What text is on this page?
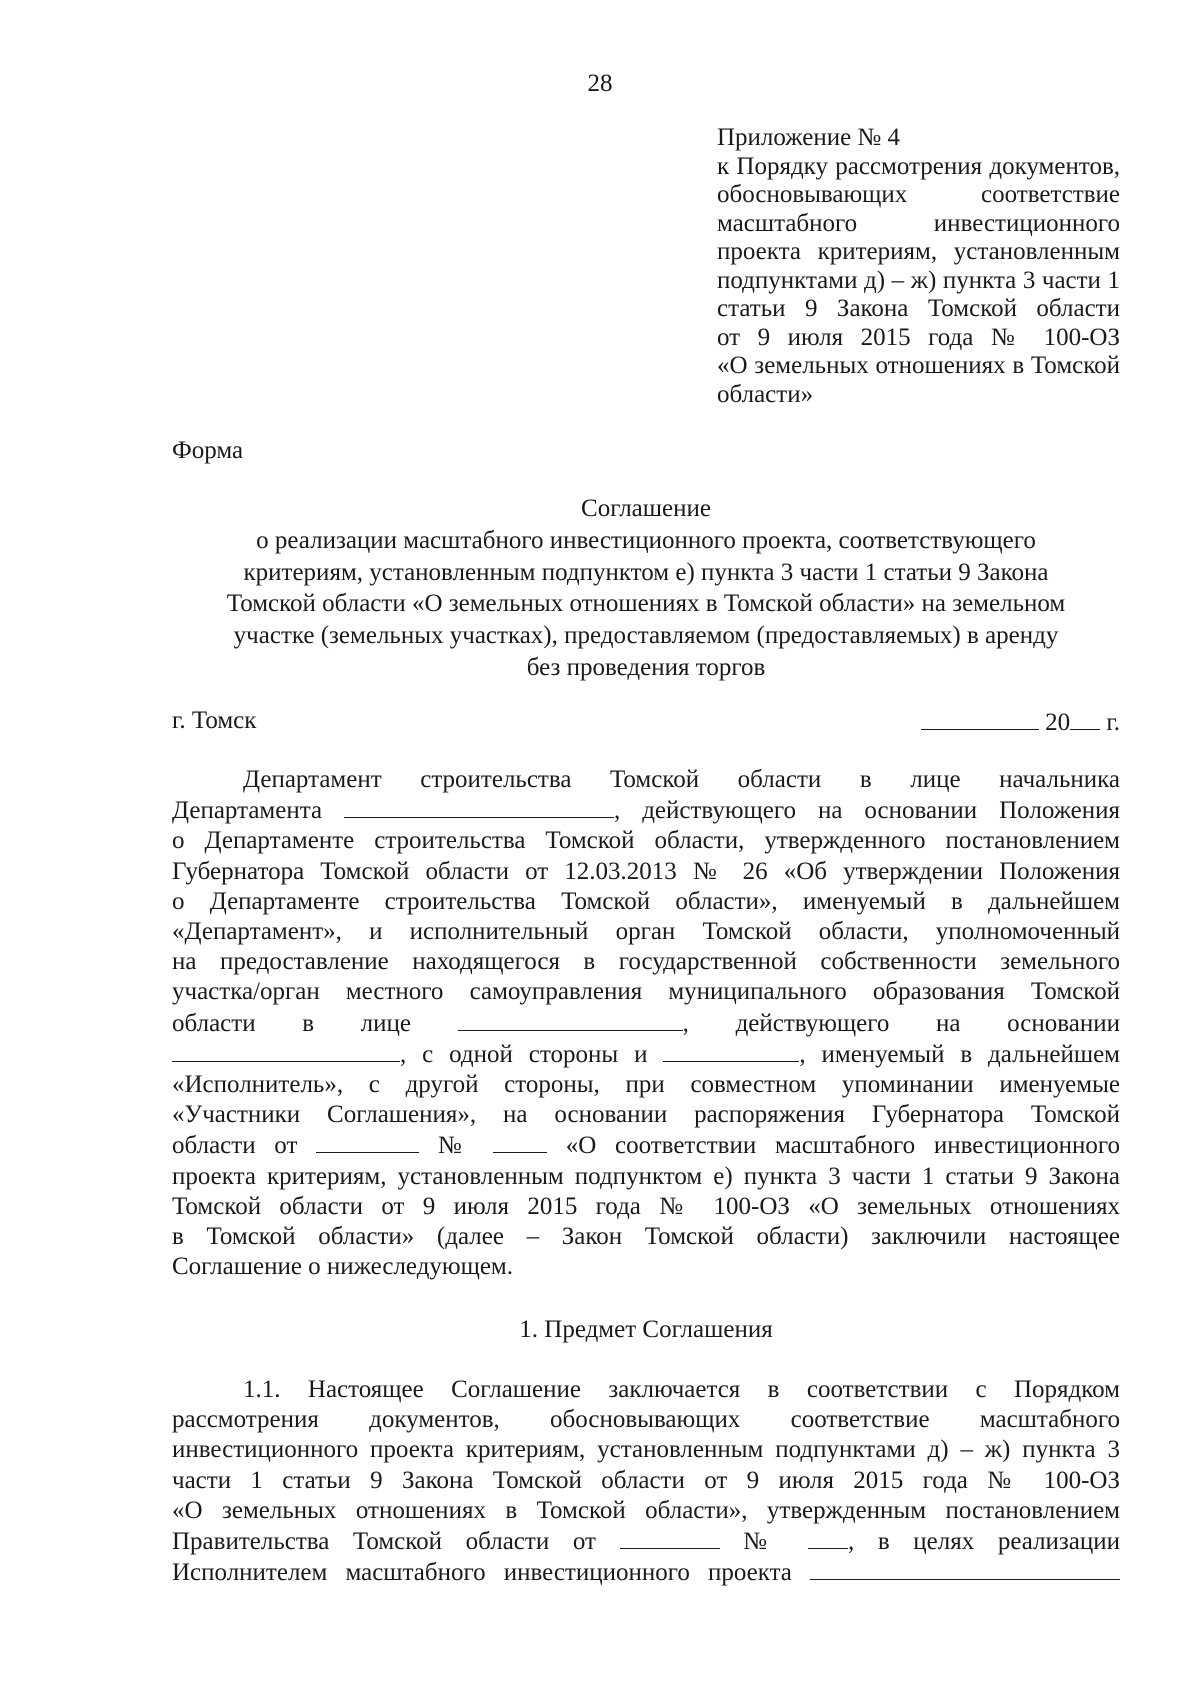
28
Приложение № 4
к Порядку рассмотрения документов,
обосновывающих соответствие
масштабного инвестиционного
проекта критериям, установленным
подпунктами д) – ж) пункта 3 части 1
статьи 9 Закона Томской области
от 9 июля 2015 года № 100-ОЗ
«О земельных отношениях в Томской
области»
Форма
Соглашение
о реализации масштабного инвестиционного проекта, соответствующего
критериям, установленным подпунктом е) пункта 3 части 1 статьи 9 Закона
Томской области «О земельных отношениях в Томской области» на земельном
участке (земельных участках), предоставляемом (предоставляемых) в аренду
без проведения торгов
г. Томск	20 г.
Департамент строительства Томской области в лице начальника
Департамента	, действующего на основании Положения
о Департаменте строительства Томской области, утвержденного постановлением
Губернатора Томской области от 12.03.2013 № 26 «Об утверждении Положения
о Департаменте строительства Томской области», именуемый в дальнейшем
«Департамент», и исполнительный орган Томской области, уполномоченный
на предоставление находящегося в государственной собственности земельного
участка/орган местного самоуправления муниципального образования Томской
области в лице	, действующего на основании
, с одной стороны и	, именуемый в дальнейшем
«Исполнитель», с другой стороны, при совместном упоминании именуемые
«Участники Соглашения», на основании распоряжения Губернатора Томской
области от	№	«О соответствии масштабного инвестиционного
проекта критериям, установленным подпунктом е) пункта 3 части 1 статьи 9 Закона
Томской области от 9 июля 2015 года № 100-ОЗ «О земельных отношениях
в Томской области» (далее – Закон Томской области) заключили настоящее
Соглашение о нижеследующем.
1. Предмет Соглашения
1.1. Настоящее Соглашение заключается в соответствии с Порядком
рассмотрения документов, обосновывающих соответствие масштабного
инвестиционного проекта критериям, установленным подпунктами д) – ж) пункта 3
части 1 статьи 9 Закона Томской области от 9 июля 2015 года № 100-ОЗ
«О земельных отношениях в Томской области», утвержденным постановлением
Правительства Томской области от	№	, в целях реализации
Исполнителем масштабного инвестиционного проекта
